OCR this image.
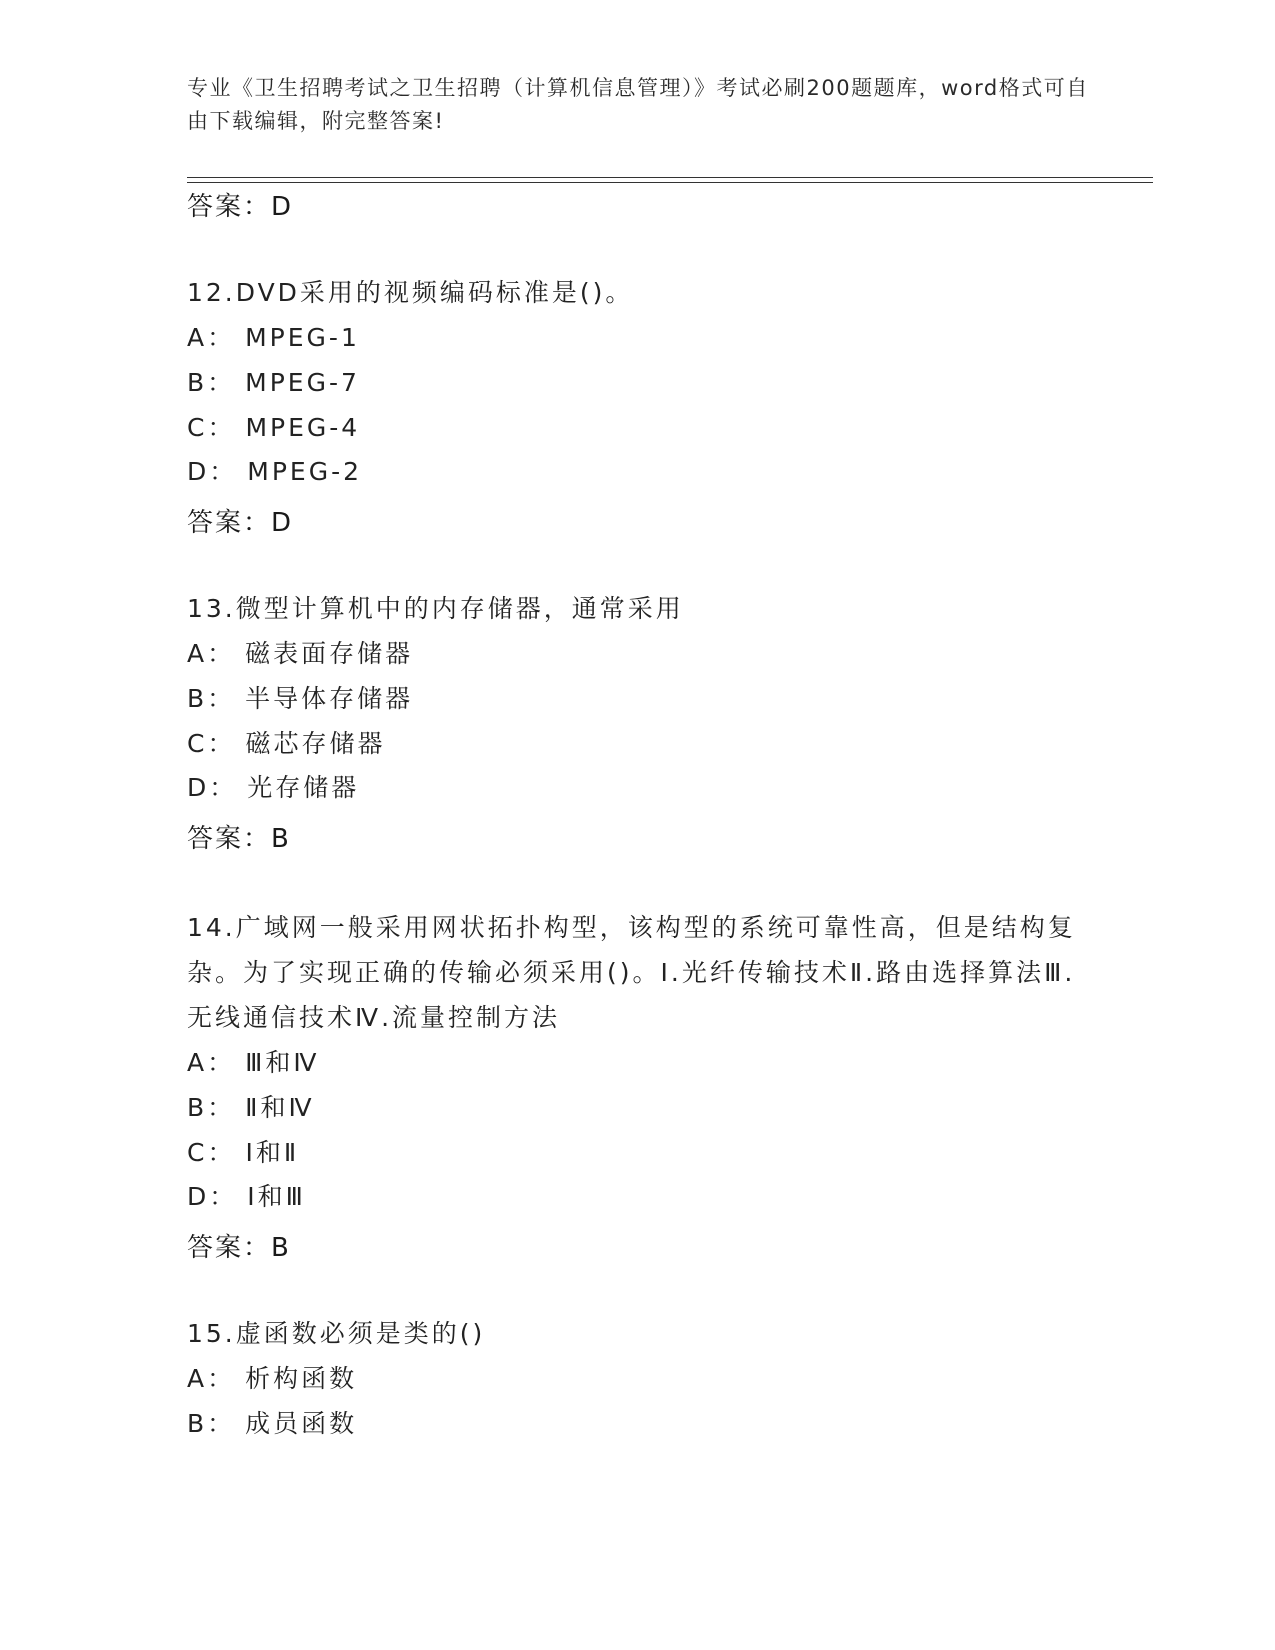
专业《卫生招聘考试之卫生招聘（计算机信息管理）》考试必刷200题题库，word格式可自由下载编辑，附完整答案!
答案：D
12.DVD采用的视频编码标准是()。
A： MPEG-1
B： MPEG-7
C： MPEG-4
D： MPEG-2
答案：D
13.微型计算机中的内存储器，通常采用
A： 磁表面存储器
B： 半导体存储器
C： 磁芯存储器
D： 光存储器
答案：B
14.广域网一般采用网状拓扑构型，该构型的系统可靠性高，但是结构复杂。为了实现正确的传输必须采用()。Ⅰ.光纤传输技术Ⅱ.路由选择算法Ⅲ.无线通信技术Ⅳ.流量控制方法
A： Ⅲ和Ⅳ
B： Ⅱ和Ⅳ
C： Ⅰ和Ⅱ
D： Ⅰ和Ⅲ
答案：B
15.虚函数必须是类的()
A： 析构函数
B： 成员函数
